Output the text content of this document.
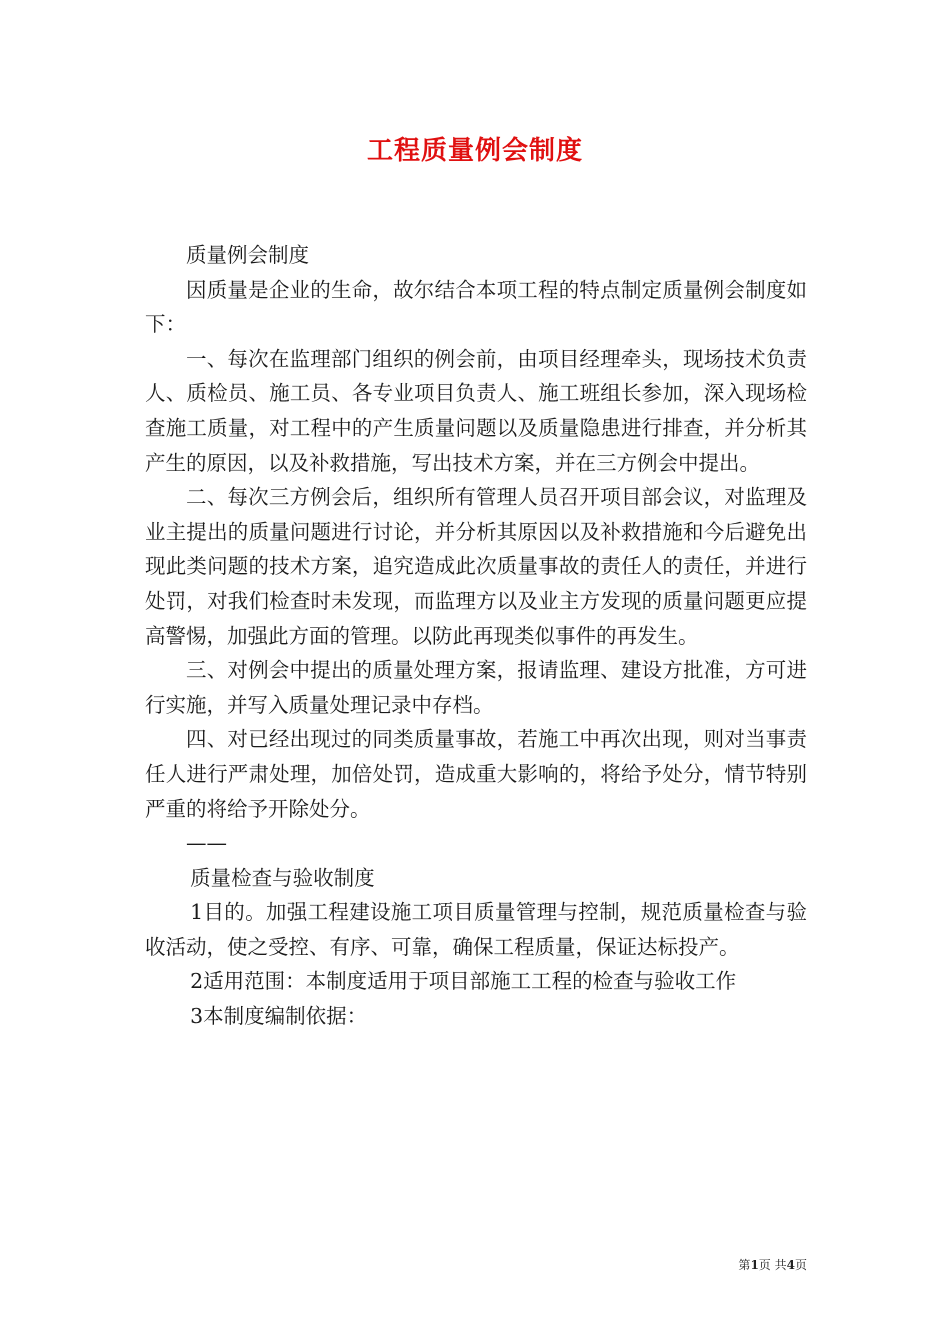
工程质量例会制度

质量例会制度

因质量是企业的生命，故尔结合本项工程的特点制定质量例会制度如下：

一、每次在监理部门组织的例会前，由项目经理牵头，现场技术负责人、质检员、施工员、各专业项目负责人、施工班组长参加，深入现场检查施工质量，对工程中的产生质量问题以及质量隐患进行排查，并分析其产生的原因，以及补救措施，写出技术方案，并在三方例会中提出。

二、每次三方例会后，组织所有管理人员召开项目部会议，对监理及业主提出的质量问题进行讨论，并分析其原因以及补救措施和今后避免出现此类问题的技术方案，追究造成此次质量事故的责任人的责任，并进行处罚，对我们检查时未发现，而监理方以及业主方发现的质量问题更应提高警惕，加强此方面的管理。以防此再现类似事件的再发生。

三、对例会中提出的质量处理方案，报请监理、建设方批准，方可进行实施，并写入质量处理记录中存档。

四、对已经出现过的同类质量事故，若施工中再次出现，则对当事责任人进行严肃处理，加倍处罚，造成重大影响的，将给予处分，情节特别严重的将给予开除处分。

——

质量检查与验收制度

1目的。加强工程建设施工项目质量管理与控制，规范质量检查与验收活动，使之受控、有序、可靠，确保工程质量，保证达标投产。

2适用范围：本制度适用于项目部施工工程的检查与验收工作

3本制度编制依据：

第1页 共4页
